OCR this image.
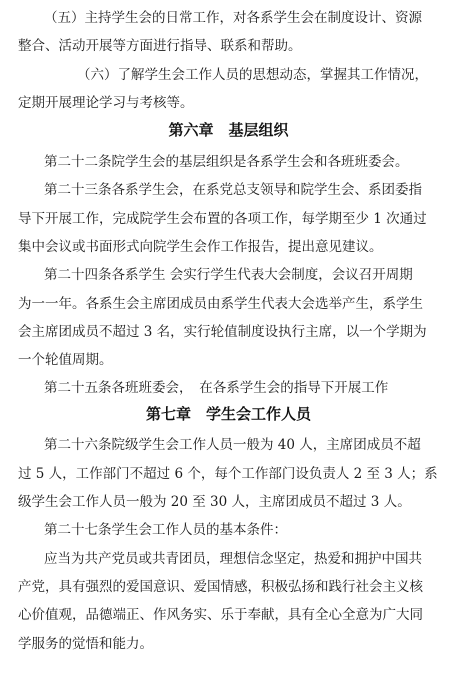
（五）主持学生会的日常工作，对各系学生会在制度设计、资源
整合、活动开展等方面进行指导、联系和帮助。
（六）了解学生会工作人员的思想动态，掌握其工作情况，
定期开展理论学习与考核等。
第六章　基层组织
第二十二条院学生会的基层组织是各系学生会和各班班委会。
第二十三条各系学生会，在系党总支领导和院学生会、系团委指
导下开展工作，完成院学生会布置的各项工作，每学期至少 1 次通过
集中会议或书面形式向院学生会作工作报告，提出意见建议。
第二十四条各系学生 会实行学生代表大会制度，会议召开周期
为一一年。各系生会主席团成员由系学生代表大会选举产生，系学生
会主席团成员不超过 3 名，实行轮值制度设执行主席，以一个学期为
一个轮值周期。
第二十五条各班班委会，　在各系学生会的指导下开展工作
第七章　学生会工作人员
第二十六条院级学生会工作人员一般为 40 人，主席团成员不超
过 5 人，工作部门不超过 6 个，每个工作部门设负责人 2 至 3 人；系
级学生会工作人员一般为 20 至 30 人，主席团成员不超过 3 人。
第二十七条学生会工作人员的基本条件：
应当为共产党员或共青团员，理想信念坚定，热爱和拥护中国共
产党，具有强烈的爱国意识、爱国情感，积极弘扬和践行社会主义核
心价值观，品德端正、作风务实、乐于奉献，具有全心全意为广大同
学服务的觉悟和能力。
